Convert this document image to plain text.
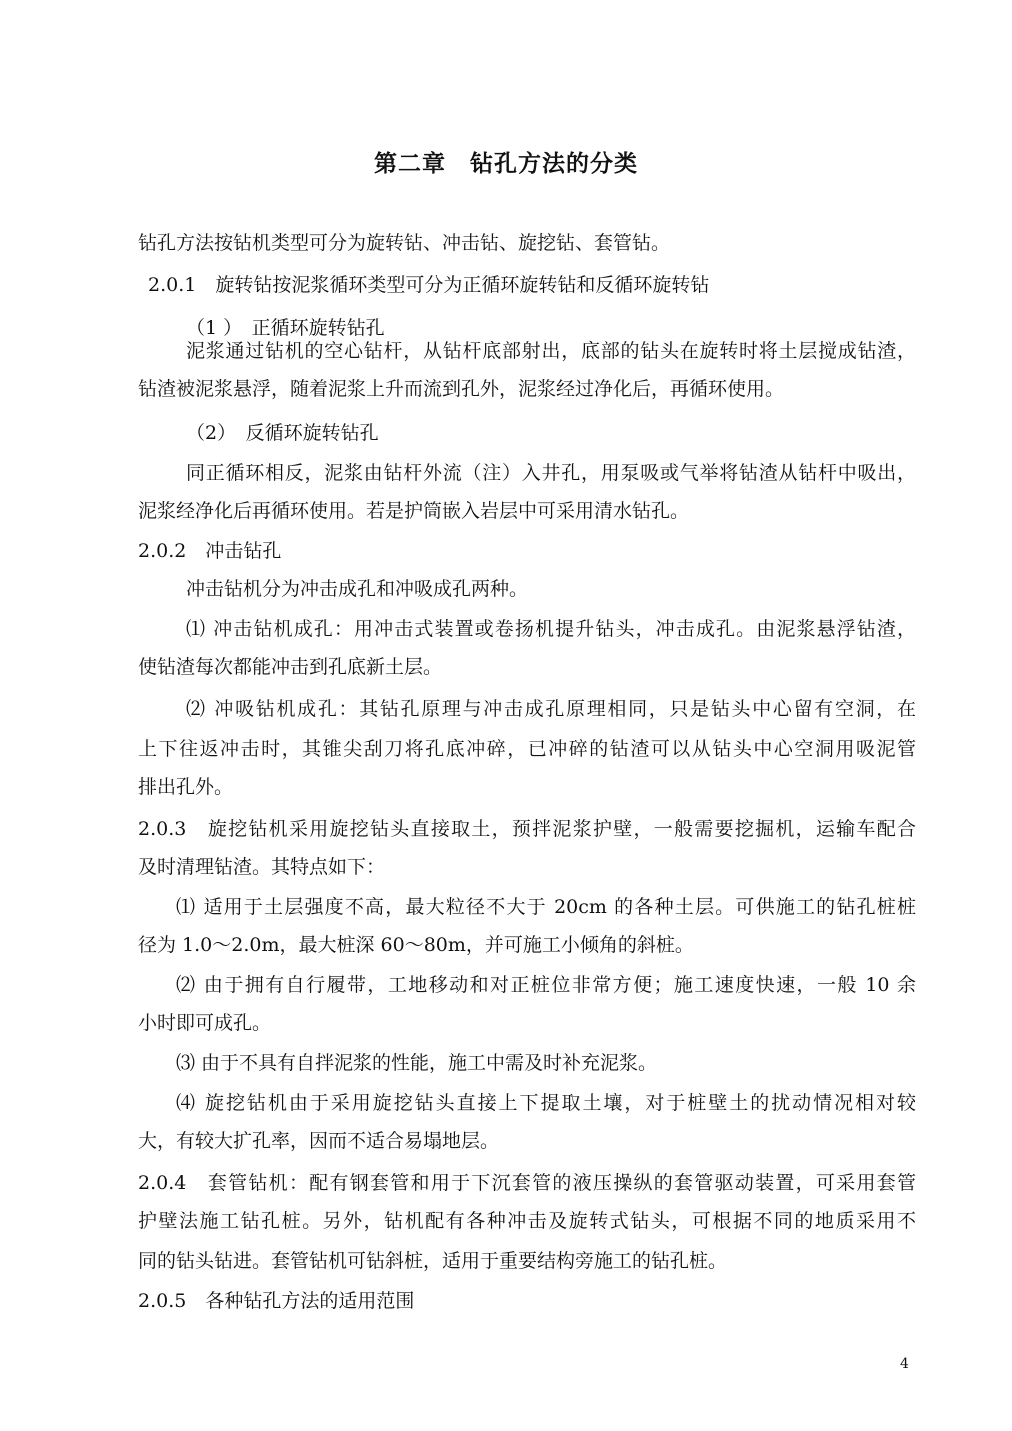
第二章　钻孔方法的分类
钻孔方法按钻机类型可分为旋转钻、冲击钻、旋挖钻、套管钻。
2.0.1　旋转钻按泥浆循环类型可分为正循环旋转钻和反循环旋转钻
（1 ）　正循环旋转钻孔
泥浆通过钻机的空心钻杆，从钻杆底部射出，底部的钻头在旋转时将土层搅成钻渣，
钻渣被泥浆悬浮，随着泥浆上升而流到孔外，泥浆经过净化后，再循环使用。
（2）　反循环旋转钻孔
同正循环相反，泥浆由钻杆外流（注）入井孔，用泵吸或气举将钻渣从钻杆中吸出，
泥浆经净化后再循环使用。若是护筒嵌入岩层中可采用清水钻孔。
2.0.2　冲击钻孔
冲击钻机分为冲击成孔和冲吸成孔两种。
⑴ 冲击钻机成孔：用冲击式装置或卷扬机提升钻头，冲击成孔。由泥浆悬浮钻渣，
使钻渣每次都能冲击到孔底新土层。
⑵ 冲吸钻机成孔：其钻孔原理与冲击成孔原理相同，只是钻头中心留有空洞，在
上下往返冲击时，其锥尖刮刀将孔底冲碎，已冲碎的钻渣可以从钻头中心空洞用吸泥管
排出孔外。
2.0.3　旋挖钻机采用旋挖钻头直接取土，预拌泥浆护壁，一般需要挖掘机，运输车配合
及时清理钻渣。其特点如下：
⑴ 适用于土层强度不高，最大粒径不大于 20cm 的各种土层。可供施工的钻孔桩桩
径为 1.0～2.0m，最大桩深 60～80m，并可施工小倾角的斜桩。
⑵ 由于拥有自行履带，工地移动和对正桩位非常方便；施工速度快速，一般 10 余
小时即可成孔。
⑶ 由于不具有自拌泥浆的性能，施工中需及时补充泥浆。
⑷ 旋挖钻机由于采用旋挖钻头直接上下提取土壤，对于桩壁土的扰动情况相对较
大，有较大扩孔率，因而不适合易塌地层。
2.0.4　套管钻机：配有钢套管和用于下沉套管的液压操纵的套管驱动装置，可采用套管
护壁法施工钻孔桩。另外，钻机配有各种冲击及旋转式钻头，可根据不同的地质采用不
同的钻头钻进。套管钻机可钻斜桩，适用于重要结构旁施工的钻孔桩。
2.0.5　各种钻孔方法的适用范围
4
